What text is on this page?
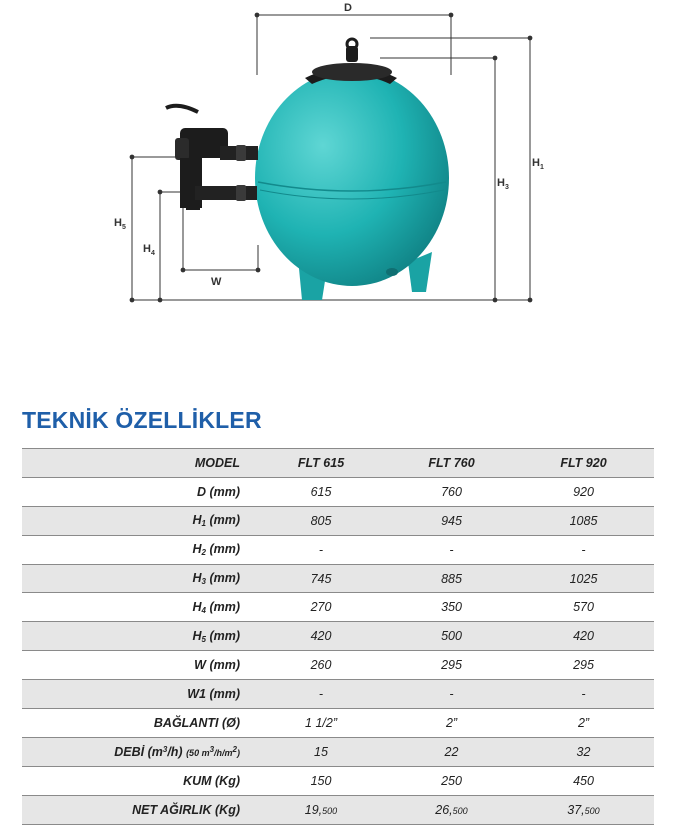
D
$H_1$
$H_3$
$H_5$
$H_4$
W
TEKNİK ÖZELLİKLER
MODEL	FLT 615	FLT 760	FLT 920
D (mm)	615	760	920
$H_1$ (mm)	805	945	1085
$H_2$ (mm)	-	-	-
$H_3$ (mm)	745	885	1025
$H_4$ (mm)	270	350	570
$H_5$ (mm)	420	500	420
W (mm)	260	295	295
W1 (mm)	-	-	-
BAĞLANTI (Ø)	1 1/2”	2”	2”
DEBİ $(m^3/h)$ (50 $m^3/h/m^2$)	15	22	32
KUM (Kg)	150	250	450
NET AĞIRLIK (Kg)	19,500	26,500	37,500
